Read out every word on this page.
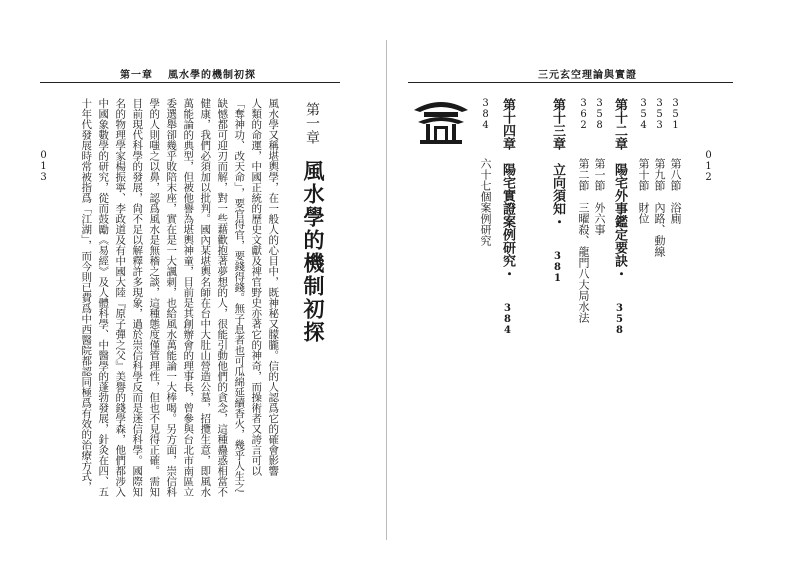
第一章 風水學的機制初探
013
第一章
風水學的機制初探
風水學又稱堪輿學，在一般人的心目中，既神秘又朦朧。信的人認爲它的確會影響
人類的命運，中國正統的歷史文獻及禆官野史亦著它的神奇，而操術者又誇言可以
「奪神功、改天命」，要官得官，要錢得錢。無子息者也可瓜綿延續香火，幾乎人生之
缺憾都可迎刃而解，對一些藉歡抱著夢想的人，很能引動他們的貪念，這種蠱惑相當不
健康，我們必須加以批判。國內某堪輿名師在台中大肚山營造公墓，招攬生意，即風水
萬能論的典型，但被他譽為堪輿神童，目前是其創辦會的理事長，曾參與台北市南區立
委選舉卻幾乎敗陪末座，實在是一大諷刺，也給風水萬能論一大棒喝。另方面，崇信科
學的人則嗤之以鼻，認爲風水是無稽之談，這種態度僅管理性，但也不見得正確。需知
目前現代科學的發展，尙不足以解釋許多現象，過於崇信科學反而是迷信科學。國際知
名的物理學家楊振寧、李政道及有中國大陸『原子彈之父』美譽的錢學森，他們都涉入
中國象數學的研究，從而鼓勵《易經》及人體科學、中醫學的蓬勃發展，針灸在四、五
十年代發展時常被指爲「江湖」，而今則已費爲中西醫院都認同極爲有效的治療方式，
三元玄空理論與實證
012
351 第八節　浴廁
353 第九節　內路、動線
354 第十節　財位
第十二章　陽宅外事鑑定要訣・ 358
358 第一節　外六事
362 第二節　三曜殺、龍門八大局水法
第十三章　立向須知・ 381
第十四章　陽宅實證案例研究・ 384
384 六十七個案例研究
